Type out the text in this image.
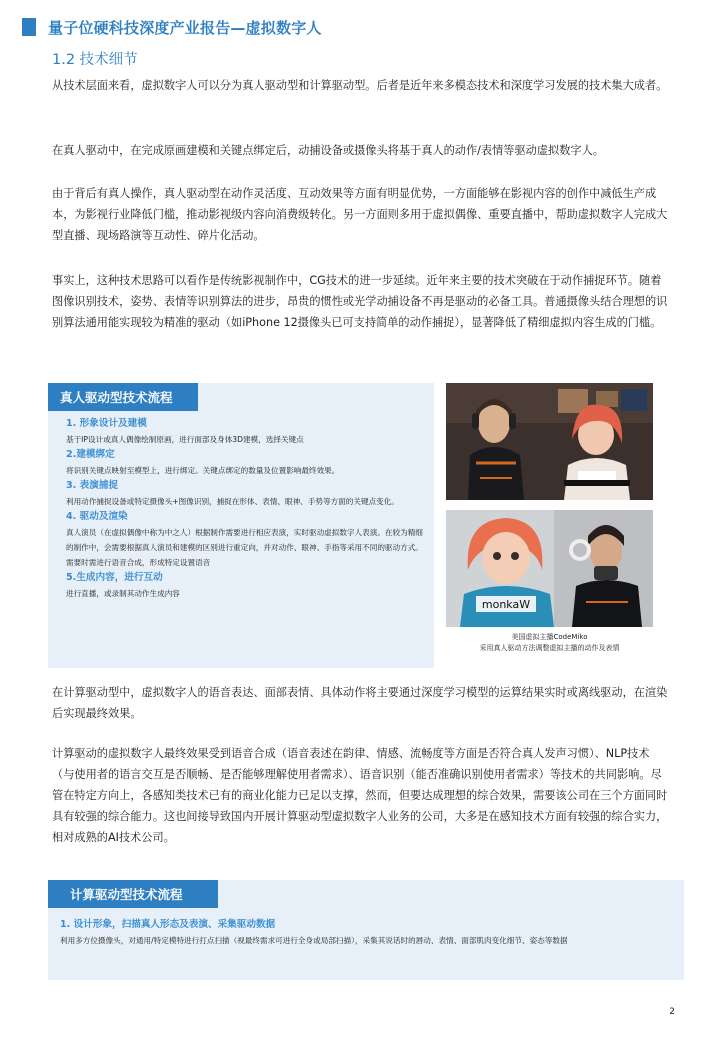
量子位硬科技深度产业报告—虚拟数字人
1.2 技术细节
从技术层面来看，虚拟数字人可以分为真人驱动型和计算驱动型。后者是近年来多模态技术和深度学习发展的技术集大成者。
在真人驱动中，在完成原画建模和关键点绑定后，动捕设备或摄像头将基于真人的动作/表情等驱动虚拟数字人。
由于背后有真人操作，真人驱动型在动作灵活度、互动效果等方面有明显优势，一方面能够在影视内容的创作中减低生产成本，为影视行业降低门槛，推动影视级内容向消费级转化。另一方面则多用于虚拟偶像、重要直播中，帮助虚拟数字人完成大型直播、现场路演等互动性、碎片化活动。
事实上，这种技术思路可以看作是传统影视制作中，CG技术的进一步延续。近年来主要的技术突破在于动作捕捉环节。随着图像识别技术，姿势、表情等识别算法的进步，昂贵的惯性或光学动捕设备不再是驱动的必备工具。普通摄像头结合理想的识别算法通用能实现较为精准的驱动（如iPhone 12摄像头已可支持简单的动作捕捉），显著降低了精细虚拟内容生成的门槛。
真人驱动型技术流程
1. 形象设计及建模
基于IP设计或真人偶像绘制原画，进行面部及身体3D建模，选择关键点
2.建模绑定
将识别关键点映射至模型上，进行绑定。关键点绑定的数量及位置影响最终效果。
3. 表演捕捉
利用动作捕捉设备或特定摄像头+图像识别，捕捉在形体、表情、眼神、手势等方面的关键点变化。
4. 驱动及渲染
真人演员（在虚拟偶像中称为中之人）根据制作需要进行相应表演，实时驱动虚拟数字人表演。在较为精细的制作中，会需要根据真人演员和建模的区别进行重定向，并对动作、眼神、手指等采用不同的驱动方式。
需要时需进行语音合成，形成特定设置语音
5.生成内容，进行互动
进行直播，或录制其动作生成内容
monkaW
美国虚拟主播CodeMiko
采用真人驱动方法调整虚拟主播的动作及表情
在计算驱动型中，虚拟数字人的语音表达、面部表情、具体动作将主要通过深度学习模型的运算结果实时或离线驱动，在渲染后实现最终效果。
计算驱动的虚拟数字人最终效果受到语音合成（语音表述在韵律、情感、流畅度等方面是否符合真人发声习惯）、NLP技术（与使用者的语言交互是否顺畅、是否能够理解使用者需求）、语音识别（能否准确识别使用者需求）等技术的共同影响。尽管在特定方向上，各感知类技术已有的商业化能力已足以支撑，然而，但要达成理想的综合效果，需要该公司在三个方面同时具有较强的综合能力。这也间接导致国内开展计算驱动型虚拟数字人业务的公司，大多是在感知技术方面有较强的综合实力，相对成熟的AI技术公司。
计算驱动型技术流程
1. 设计形象，扫描真人形态及表演、采集驱动数据
利用多方位摄像头，对通用/特定模特进行打点扫描（视最终需求可进行全身或局部扫描），采集其说话时的唇动、表情、面部肌肉变化细节、姿态等数据
2
